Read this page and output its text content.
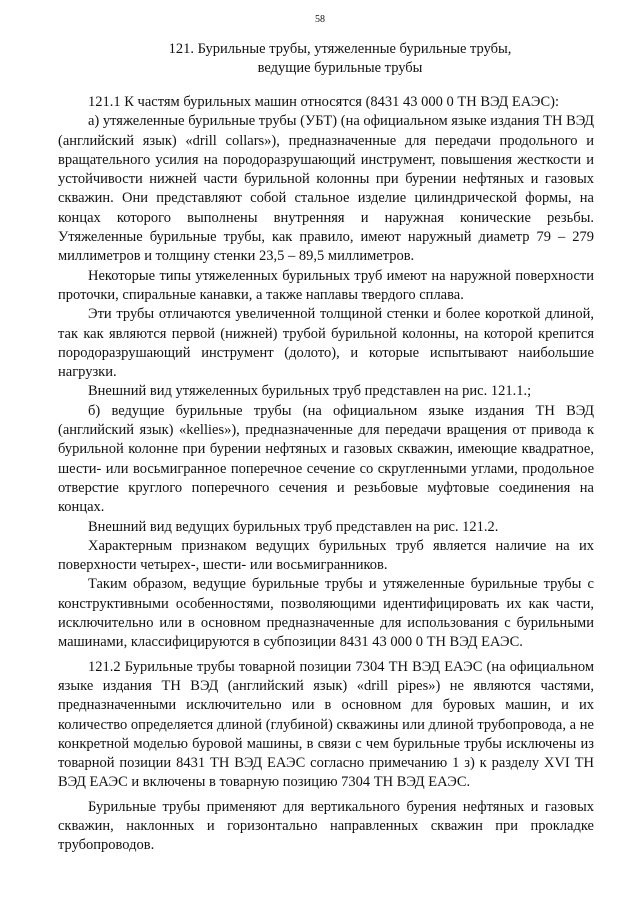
58
121. Бурильные трубы, утяжеленные бурильные трубы,
ведущие бурильные трубы

121.1 К частям бурильных машин относятся (8431 43 000 0 ТН ВЭД ЕАЭС):

а) утяжеленные бурильные трубы (УБТ) (на официальном языке издания ТН ВЭД (английский язык) «drill collars»), предназначенные для передачи продольного и вращательного усилия на породоразрушающий инструмент, повышения жесткости и устойчивости нижней части бурильной колонны при бурении нефтяных и газовых скважин. Они представляют собой стальное изделие цилиндрической формы, на концах которого выполнены внутренняя и наружная конические резьбы. Утяжеленные бурильные трубы, как правило, имеют наружный диаметр 79 – 279 миллиметров и толщину стенки 23,5 – 89,5 миллиметров.

Некоторые типы утяжеленных бурильных труб имеют на наружной поверхности проточки, спиральные канавки, а также наплавы твердого сплава.

Эти трубы отличаются увеличенной толщиной стенки и более короткой длиной, так как являются первой (нижней) трубой бурильной колонны, на которой крепится породоразрушающий инструмент (долото), и которые испытывают наибольшие нагрузки.

Внешний вид утяжеленных бурильных труб представлен на рис. 121.1.;

б) ведущие бурильные трубы (на официальном языке издания ТН ВЭД (английский язык) «kellies»), предназначенные для передачи вращения от привода к бурильной колонне при бурении нефтяных и газовых скважин, имеющие квадратное, шести- или восьмигранное поперечное сечение со скругленными углами, продольное отверстие круглого поперечного сечения и резьбовые муфтовые соединения на концах.

Внешний вид ведущих бурильных труб представлен на рис. 121.2.

Характерным признаком ведущих бурильных труб является наличие на их поверхности четырех-, шести- или восьмигранников.

Таким образом, ведущие бурильные трубы и утяжеленные бурильные трубы с конструктивными особенностями, позволяющими идентифицировать их как части, исключительно или в основном предназначенные для использования с бурильными машинами, классифицируются в субпозиции 8431 43 000 0 ТН ВЭД ЕАЭС.

121.2 Бурильные трубы товарной позиции 7304 ТН ВЭД ЕАЭС (на официальном языке издания ТН ВЭД (английский язык) «drill pipes») не являются частями, предназначенными исключительно или в основном для буровых машин, и их количество определяется длиной (глубиной) скважины или длиной трубопровода, а не конкретной моделью буровой машины, в связи с чем бурильные трубы исключены из товарной позиции 8431 ТН ВЭД ЕАЭС согласно примечанию 1 з) к разделу XVI ТН ВЭД ЕАЭС и включены в товарную позицию 7304 ТН ВЭД ЕАЭС.

Бурильные трубы применяют для вертикального бурения нефтяных и газовых скважин, наклонных и горизонтально направленных скважин при прокладке трубопроводов.
